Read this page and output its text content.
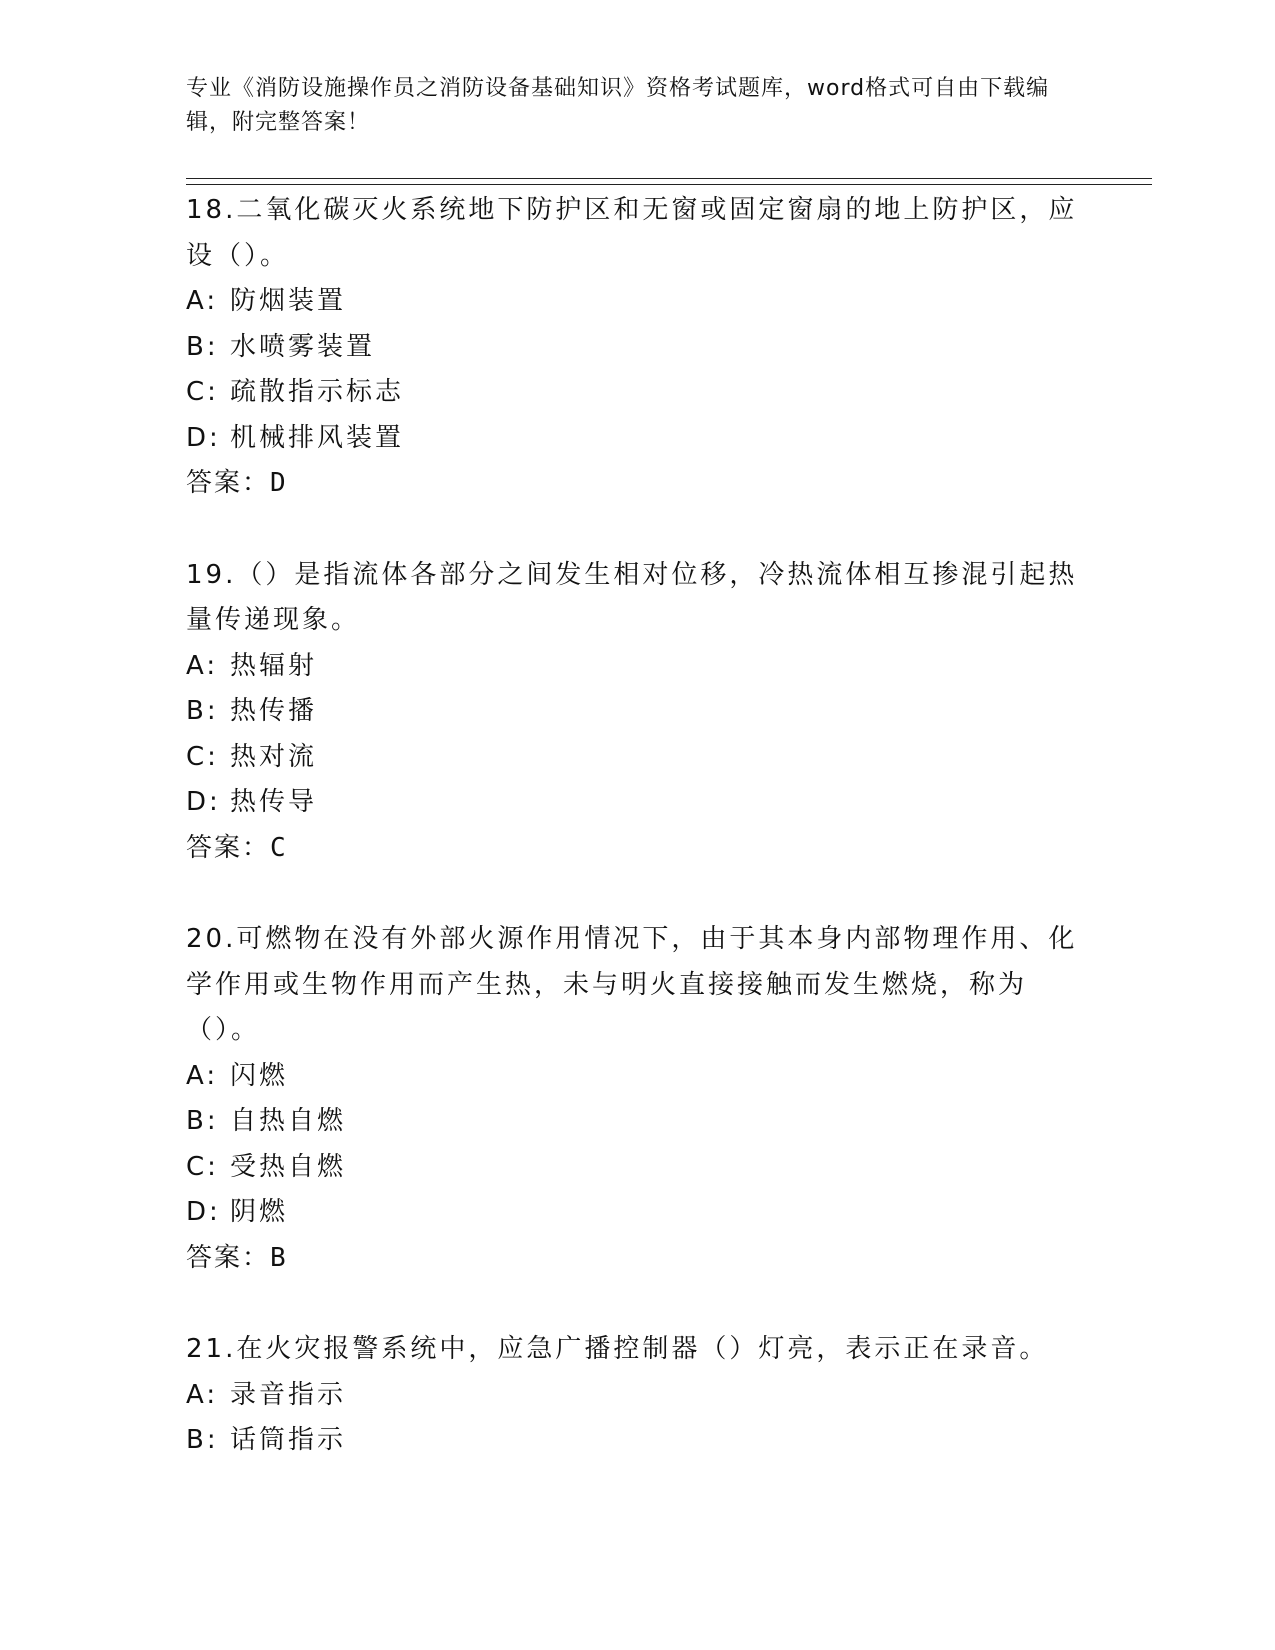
专业《消防设施操作员之消防设备基础知识》资格考试题库，word格式可自由下载编辑，附完整答案！

18.二氧化碳灭火系统地下防护区和无窗或固定窗扇的地上防护区，应设（）。

A: 防烟装置

B: 水喷雾装置

C: 疏散指示标志

D: 机械排风装置

答案：D

19.（）是指流体各部分之间发生相对位移，冷热流体相互掺混引起热量传递现象。

A: 热辐射

B: 热传播

C: 热对流

D: 热传导

答案：C

20.可燃物在没有外部火源作用情况下，由于其本身内部物理作用、化学作用或生物作用而产生热，未与明火直接接触而发生燃烧，称为（）。

A: 闪燃

B: 自热自燃

C: 受热自燃

D: 阴燃

答案：B

21.在火灾报警系统中，应急广播控制器（）灯亮，表示正在录音。

A: 录音指示

B: 话筒指示
